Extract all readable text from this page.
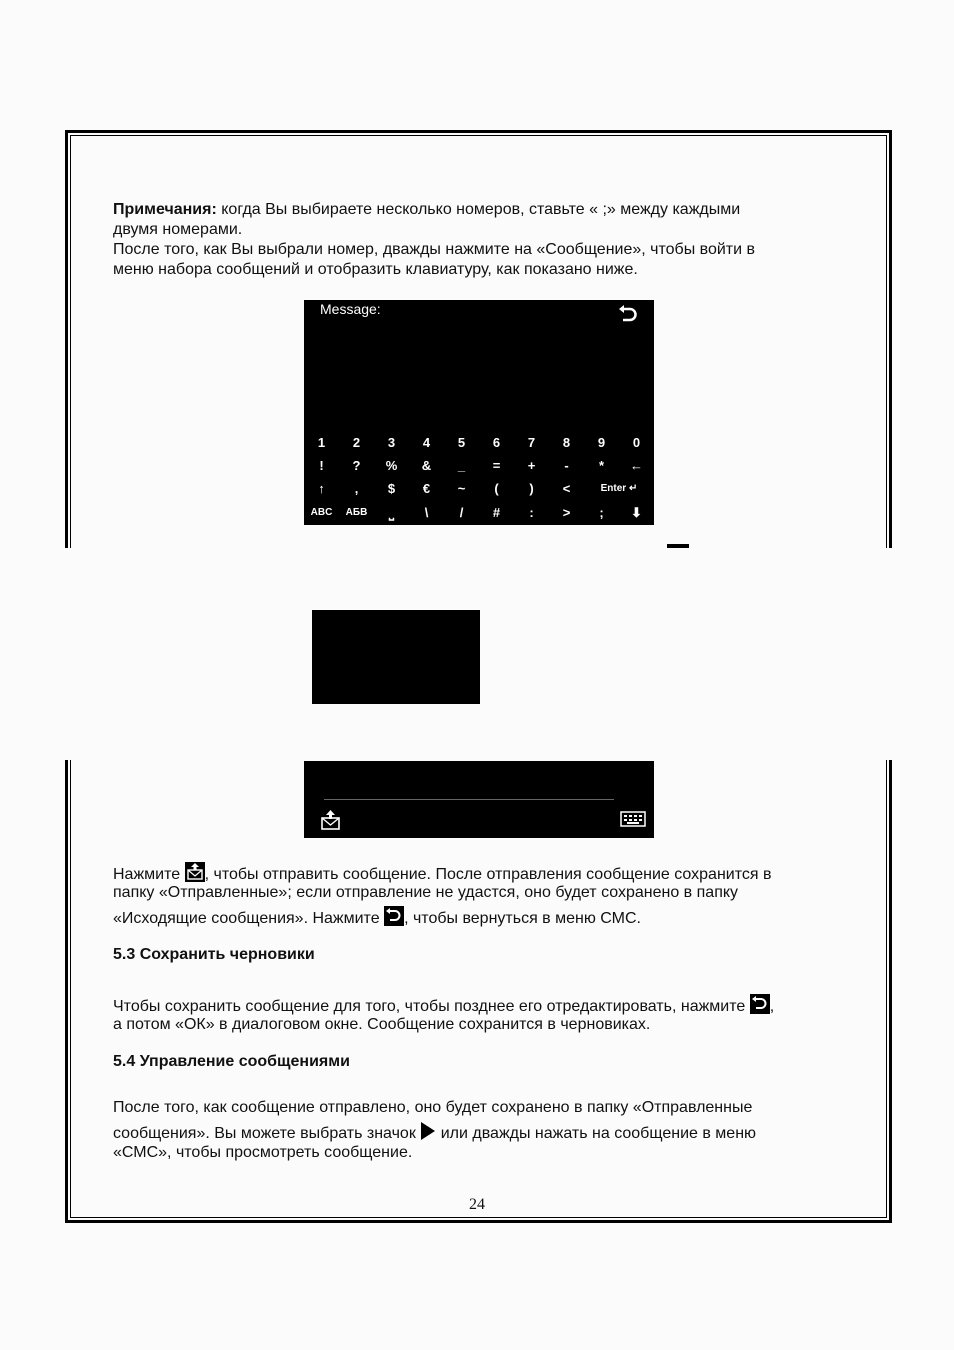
Примечания: когда Вы выбираете несколько номеров, ставьте « ;» между каждыми
двумя номерами.
После того, как Вы выбрали номер, дважды нажмите на «Сообщение», чтобы войти в
меню набора сообщений и отобразить клавиатуру, как показано ниже.
Message:
1	2	3	4	5	6	7	8	9	0
!	?	%	&	_	=	+	-	*	←
↑	,	$	€	~	(	)	<	Enter ↵
ABC	АБВ	⎵	\	/	#	:	>	;	⬇
Нажмите , чтобы отправить сообщение. После отправления сообщение сохранится в
папку «Отправленные»; если отправление не удастся, оно будет сохранено в папку
«Исходящие сообщения». Нажмите , чтобы вернуться в меню СМС.
5.3 Сохранить черновики
Чтобы сохранить сообщение для того, чтобы позднее его отредактировать, нажмите ,
а потом «ОК» в диалоговом окне. Сообщение сохранится в черновиках.
5.4 Управление сообщениями
После того, как сообщение отправлено, оно будет сохранено в папку «Отправленные
сообщения». Вы можете выбрать значок или дважды нажать на сообщение в меню
«СМС», чтобы просмотреть сообщение.
24
